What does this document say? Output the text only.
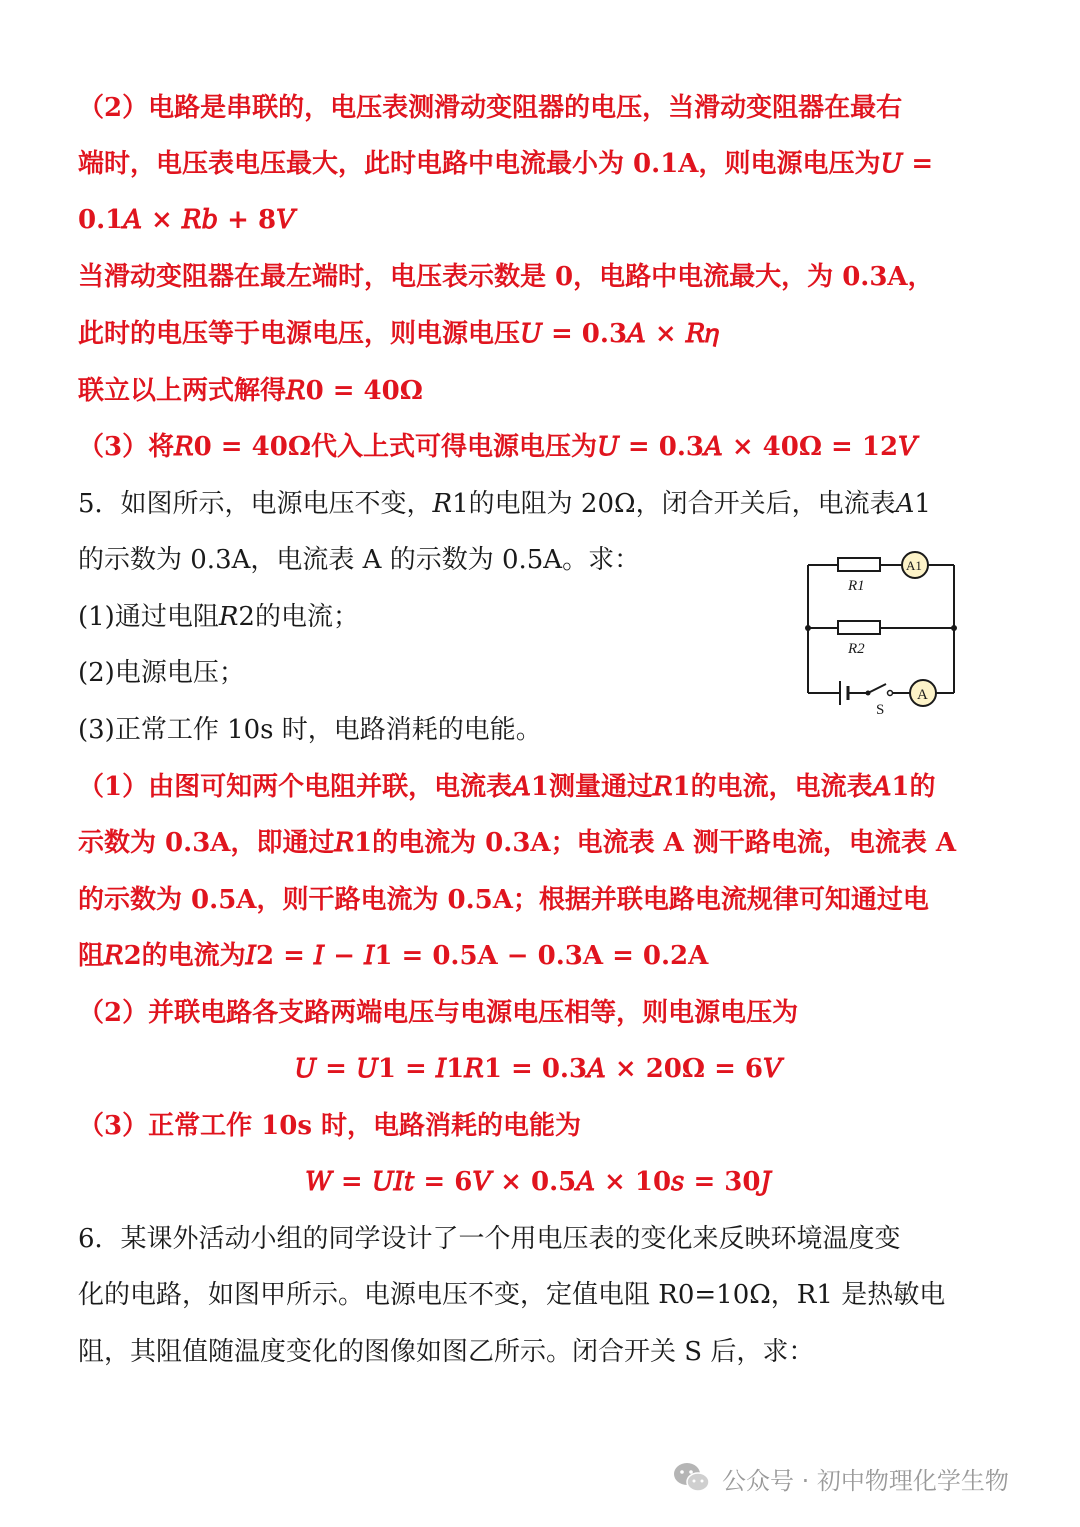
（2）电路是串联的，电压表测滑动变阻器的电压，当滑动变阻器在最右
端时，电压表电压最大，此时电路中电流最小为 0.1A，则电源电压为𝑈 =
0.1𝐴 × 𝑅𝑏 + 8𝑉
当滑动变阻器在最左端时，电压表示数是 0，电路中电流最大，为 0.3A，
此时的电压等于电源电压，则电源电压𝑈 = 0.3𝐴 × 𝑅𝜂
联立以上两式解得𝑅0 = 40Ω
（3）将𝑅0 = 40Ω代入上式可得电源电压为𝑈 = 0.3𝐴 × 40Ω = 12𝑉
5．如图所示，电源电压不变，𝑅1的电阻为 20Ω，闭合开关后，电流表𝐴1
的示数为 0.3A，电流表 A 的示数为 0.5A。求：
(1)通过电阻𝑅2的电流；
(2)电源电压；
(3)正常工作 10s 时，电路消耗的电能。
R1
R2
A1
A
S
（1）由图可知两个电阻并联，电流表𝐴1测量通过𝑅1的电流，电流表𝐴1的
示数为 0.3A，即通过𝑅1的电流为 0.3A；电流表 A 测干路电流，电流表 A
的示数为 0.5A，则干路电流为 0.5A；根据并联电路电流规律可知通过电
阻𝑅2的电流为𝐼2 = 𝐼 − 𝐼1 = 0.5A − 0.3A = 0.2A
（2）并联电路各支路两端电压与电源电压相等，则电源电压为
𝑈 = 𝑈1 = 𝐼1𝑅1 = 0.3𝐴 × 20Ω = 6𝑉
（3）正常工作 10s 时，电路消耗的电能为
𝑊 = 𝑈𝐼𝑡 = 6𝑉 × 0.5𝐴 × 10𝑠 = 30𝐽
6．某课外活动小组的同学设计了一个用电压表的变化来反映环境温度变
化的电路，如图甲所示。电源电压不变，定值电阻 R0=10Ω，R1 是热敏电
阻，其阻值随温度变化的图像如图乙所示。闭合开关 S 后，求：
公众号 · 初中物理化学生物
